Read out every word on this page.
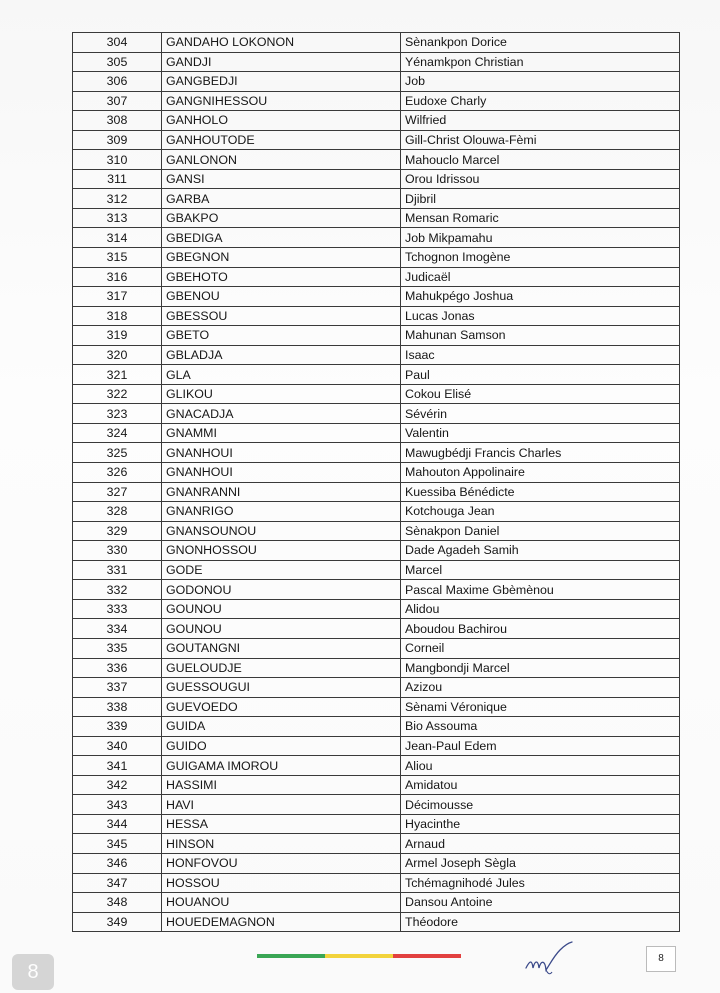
304	GANDAHO LOKONON	Sènankpon Dorice
305	GANDJI	Yénamkpon Christian
306	GANGBEDJI	Job
307	GANGNIHESSOU	Eudoxe Charly
308	GANHOLO	Wilfried
309	GANHOUTODE	Gill-Christ Olouwa-Fèmi
310	GANLONON	Mahouclo Marcel
311	GANSI	Orou Idrissou
312	GARBA	Djibril
313	GBAKPO	Mensan Romaric
314	GBEDIGA	Job Mikpamahu
315	GBEGNON	Tchognon Imogène
316	GBEHOTO	Judicaël
317	GBENOU	Mahukpégo Joshua
318	GBESSOU	Lucas Jonas
319	GBETO	Mahunan Samson
320	GBLADJA	Isaac
321	GLA	Paul
322	GLIKOU	Cokou Elisé
323	GNACADJA	Sévérin
324	GNAMMI	Valentin
325	GNANHOUI	Mawugbédji Francis Charles
326	GNANHOUI	Mahouton Appolinaire
327	GNANRANNI	Kuessiba Bénédicte
328	GNANRIGO	Kotchouga Jean
329	GNANSOUNOU	Sènakpon Daniel
330	GNONHOSSOU	Dade Agadeh Samih
331	GODE	Marcel
332	GODONOU	Pascal Maxime Gbèmènou
333	GOUNOU	Alidou
334	GOUNOU	Aboudou Bachirou
335	GOUTANGNI	Corneil
336	GUELOUDJE	Mangbondji Marcel
337	GUESSOUGUI	Azizou
338	GUEVOEDO	Sènami Véronique
339	GUIDA	Bio Assouma
340	GUIDO	Jean-Paul Edem
341	GUIGAMA IMOROU	Aliou
342	HASSIMI	Amidatou
343	HAVI	Décimousse
344	HESSA	Hyacinthe
345	HINSON	Arnaud
346	HONFOVOU	Armel Joseph Sègla
347	HOSSOU	Tchémagnihodé Jules
348	HOUANOU	Dansou Antoine
349	HOUEDEMAGNON	Théodore
8
8
